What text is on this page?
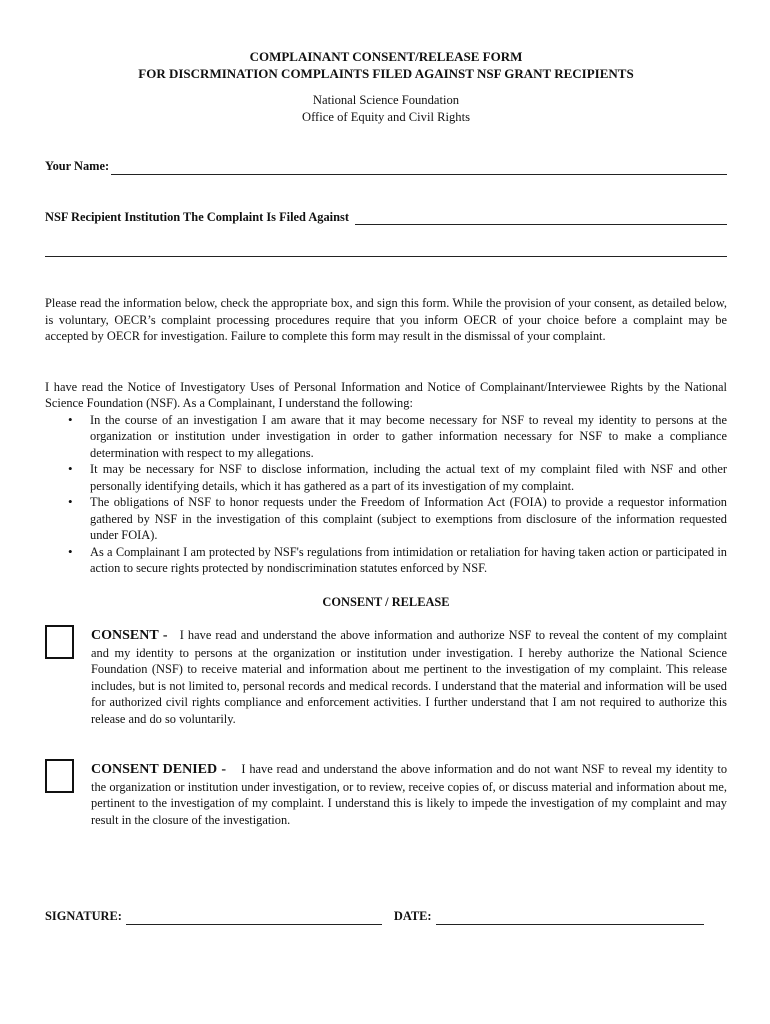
COMPLAINANT CONSENT/RELEASE FORM
FOR DISCRMINATION COMPLAINTS FILED AGAINST NSF GRANT RECIPIENTS
National Science Foundation
Office of Equity and Civil Rights
Your Name:
NSF Recipient Institution The Complaint Is Filed Against

Please read the information below, check the appropriate box, and sign this form. While the provision of your consent, as detailed below, is voluntary, OECR’s complaint processing procedures require that you inform OECR of your choice before a complaint may be accepted by OECR for investigation. Failure to complete this form may result in the dismissal of your complaint.

I have read the Notice of Investigatory Uses of Personal Information and Notice of Complainant/Interviewee Rights by the National Science Foundation (NSF). As a Complainant, I understand the following:

• In the course of an investigation I am aware that it may become necessary for NSF to reveal my identity to persons at the organization or institution under investigation in order to gather information necessary for NSF to make a compliance determination with respect to my allegations.
• It may be necessary for NSF to disclose information, including the actual text of my complaint filed with NSF and other personally identifying details, which it has gathered as a part of its investigation of my complaint.
• The obligations of NSF to honor requests under the Freedom of Information Act (FOIA) to provide a requestor information gathered by NSF in the investigation of this complaint (subject to exemptions from disclosure of the information requested under FOIA).
• As a Complainant I am protected by NSF's regulations from intimidation or retaliation for having taken action or participated in action to secure rights protected by nondiscrimination statutes enforced by NSF.
CONSENT / RELEASE

CONSENT - I have read and understand the above information and authorize NSF to reveal the content of my complaint and my identity to persons at the organization or institution under investigation. I hereby authorize the National Science Foundation (NSF) to receive material and information about me pertinent to the investigation of my complaint. This release includes, but is not limited to, personal records and medical records. I understand that the material and information will be used for authorized civil rights compliance and enforcement activities. I further understand that I am not required to authorize this release and do so voluntarily.

CONSENT DENIED - I have read and understand the above information and do not want NSF to reveal my identity to the organization or institution under investigation, or to review, receive copies of, or discuss material and information about me, pertinent to the investigation of my complaint. I understand this is likely to impede the investigation of my complaint and may result in the closure of the investigation.

SIGNATURE:	DATE:
